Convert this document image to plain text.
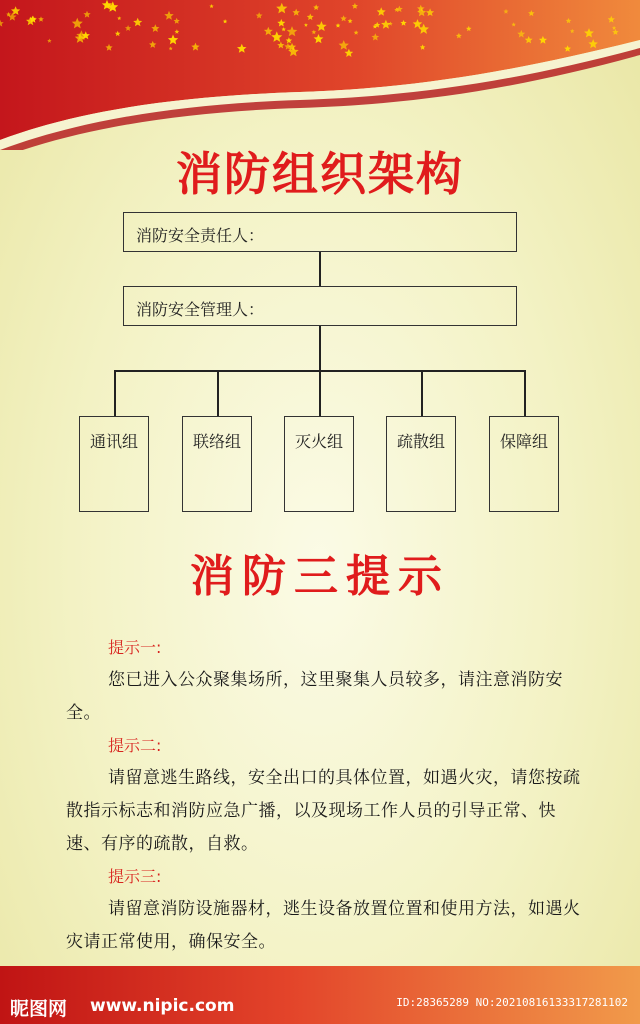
消防组织架构
消防安全责任人：
消防安全管理人：
通讯组	联络组	灭火组	疏散组	保障组
消防三提示

提示一:

您已进入公众聚集场所，这里聚集人员较多，请注意消防安全。

提示二:

请留意逃生路线，安全出口的具体位置，如遇火灾，请您按疏散指示标志和消防应急广播，以及现场工作人员的引导正常、快速、有序的疏散，自救。

提示三:

请留意消防设施器材，逃生设备放置位置和使用方法，如遇火灾请正常使用，确保安全。

昵图网 www.nipic.com	ID:28365289 NO:20210816133317281102
